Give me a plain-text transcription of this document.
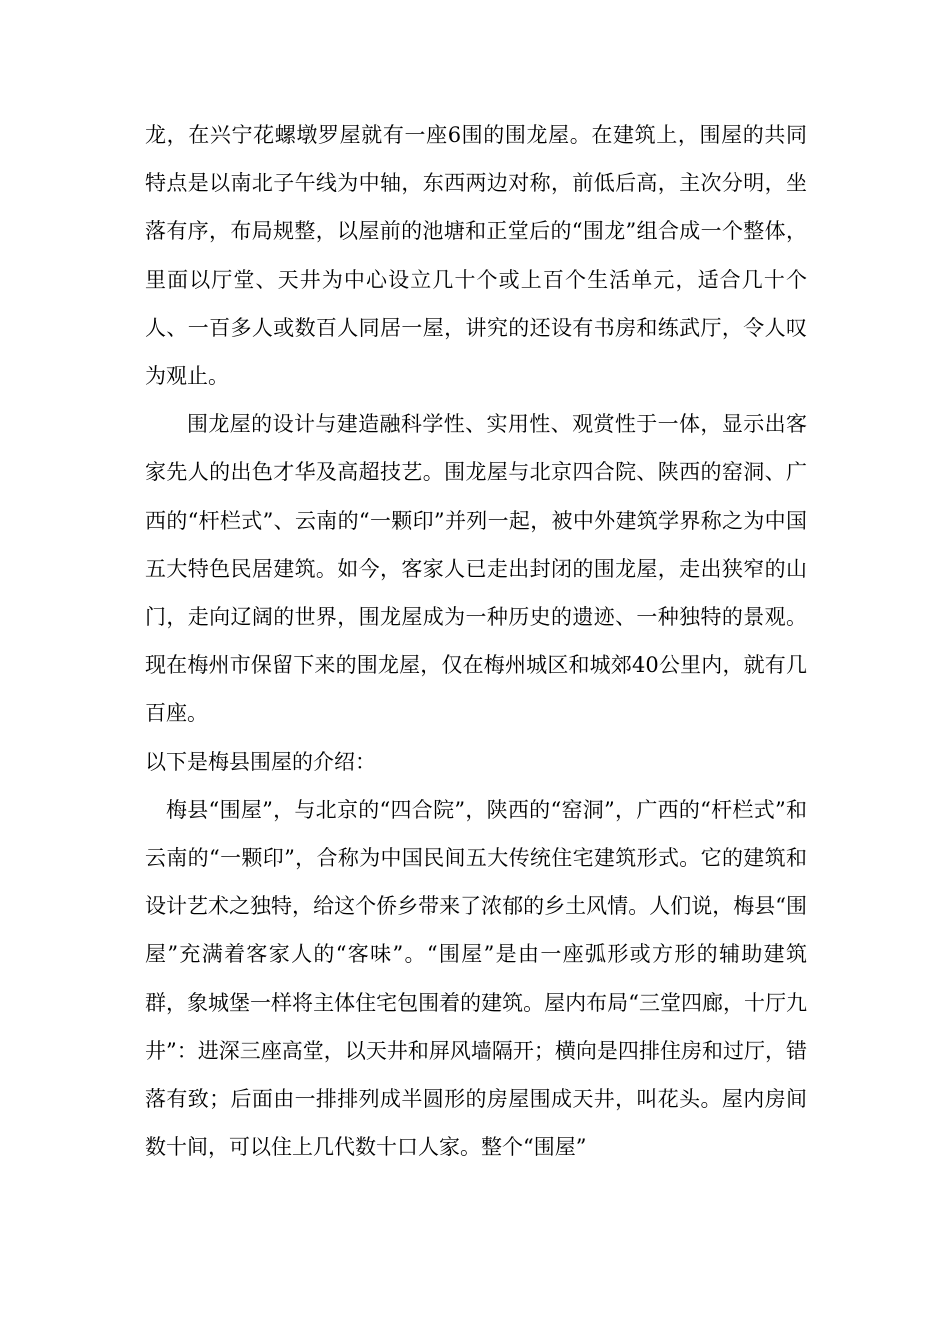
龙，在兴宁花螺墩罗屋就有一座6围的围龙屋。在建筑上，围屋的共同特点是以南北子午线为中轴，东西两边对称，前低后高，主次分明，坐落有序，布局规整，以屋前的池塘和正堂后的“围龙”组合成一个整体，里面以厅堂、天井为中心设立几十个或上百个生活单元，适合几十个人、一百多人或数百人同居一屋，讲究的还设有书房和练武厅，令人叹为观止。

围龙屋的设计与建造融科学性、实用性、观赏性于一体，显示出客家先人的出色才华及高超技艺。围龙屋与北京四合院、陕西的窑洞、广西的“杆栏式”、云南的“一颗印”并列一起，被中外建筑学界称之为中国五大特色民居建筑。如今，客家人已走出封闭的围龙屋，走出狭窄的山门，走向辽阔的世界，围龙屋成为一种历史的遗迹、一种独特的景观。现在梅州市保留下来的围龙屋，仅在梅州城区和城郊40公里内，就有几百座。

以下是梅县围屋的介绍：

梅县“围屋”，与北京的“四合院”，陕西的“窑洞”，广西的“杆栏式”和云南的“一颗印”，合称为中国民间五大传统住宅建筑形式。它的建筑和设计艺术之独特，给这个侨乡带来了浓郁的乡土风情。人们说，梅县“围屋”充满着客家人的“客味”。“围屋”是由一座弧形或方形的辅助建筑群，象城堡一样将主体住宅包围着的建筑。屋内布局“三堂四廊，十厅九井”：进深三座高堂，以天井和屏风墙隔开；横向是四排住房和过厅，错落有致；后面由一排排列成半圆形的房屋围成天井，叫花头。屋内房间数十间，可以住上几代数十口人家。整个“围屋”
